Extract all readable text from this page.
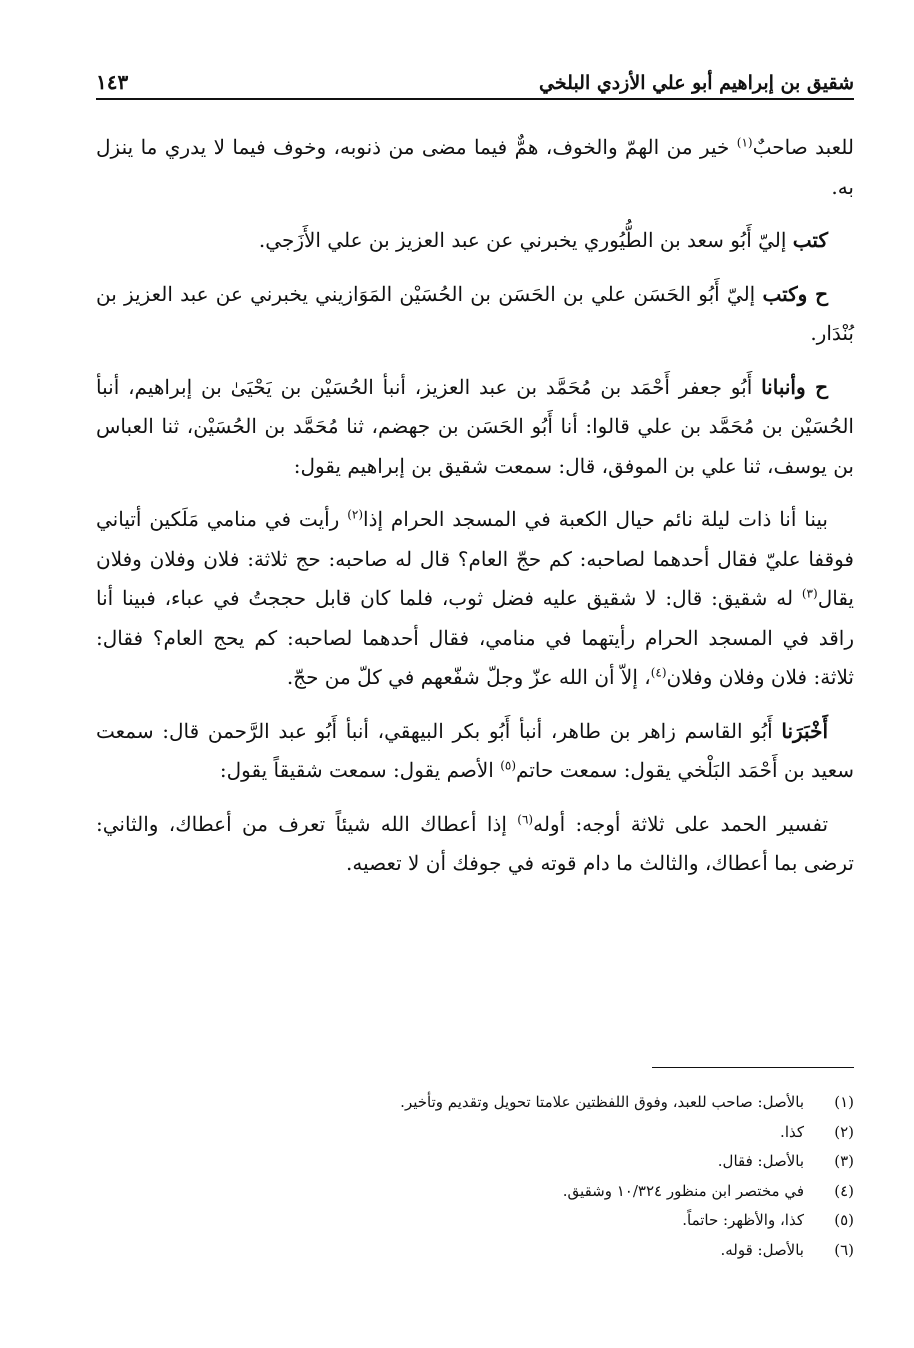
شقيق بن إبراهيم أبو علي الأزدي البلخي
١٤٣

للعبد صاحبٌ$^{(١)}$ خير من الهمّ والخوف، همٌّ فيما مضى من ذنوبه، وخوف فيما لا يدري ما ينزل به.

كتب إليّ أَبُو سعد بن الطُّيُوري يخبرني عن عبد العزيز بن علي الأَزَجي.

ح وكتب إليّ أَبُو الحَسَن علي بن الحَسَن بن الحُسَيْن المَوَازيني يخبرني عن عبد العزيز بن بُنْدَار.

ح وأنبانا أَبُو جعفر أَحْمَد بن مُحَمَّد بن عبد العزيز، أنبأ الحُسَيْن بن يَحْيَىٰ بن إبراهيم، أنبأ الحُسَيْن بن مُحَمَّد بن علي قالوا: أنا أَبُو الحَسَن بن جهضم، ثنا مُحَمَّد بن الحُسَيْن، ثنا العباس بن يوسف، ثنا علي بن الموفق، قال: سمعت شقيق بن إبراهيم يقول:

بينا أنا ذات ليلة نائم حيال الكعبة في المسجد الحرام إذا$^{(٢)}$ رأيت في منامي مَلَكين أتياني فوقفا عليّ فقال أحدهما لصاحبه: كم حجّ العام؟ قال له صاحبه: حج ثلاثة: فلان وفلان وفلان يقال$^{(٣)}$ له شقيق: قال: لا شقيق عليه فضل ثوب، فلما كان قابل حججتُ في عباء، فبينا أنا راقد في المسجد الحرام رأيتهما في منامي، فقال أحدهما لصاحبه: كم يحج العام؟ فقال: ثلاثة: فلان وفلان وفلان$^{(٤)}$، إلاّ أن الله عزّ وجلّ شفّعهم في كلّ من حجّ.

أَخْبَرَنا أَبُو القاسم زاهر بن طاهر، أنبأ أَبُو بكر البيهقي، أنبأ أَبُو عبد الرَّحمن قال: سمعت سعيد بن أَحْمَد البَلْخي يقول: سمعت حاتم$^{(٥)}$ الأصم يقول: سمعت شقيقاً يقول:

تفسير الحمد على ثلاثة أوجه: أوله$^{(٦)}$ إذا أعطاك الله شيئاً تعرف من أعطاك، والثاني: ترضى بما أعطاك، والثالث ما دام قوته في جوفك أن لا تعصيه.

(١)
بالأصل: صاحب للعبد، وفوق اللفظتين علامتا تحويل وتقديم وتأخير.
(٢)
كذا.
(٣)
بالأصل: فقال.
(٤)
في مختصر ابن منظور ١٠/٣٢٤ وشقيق.
(٥)
كذا، والأظهر: حاتماً.
(٦)
بالأصل: قوله.
